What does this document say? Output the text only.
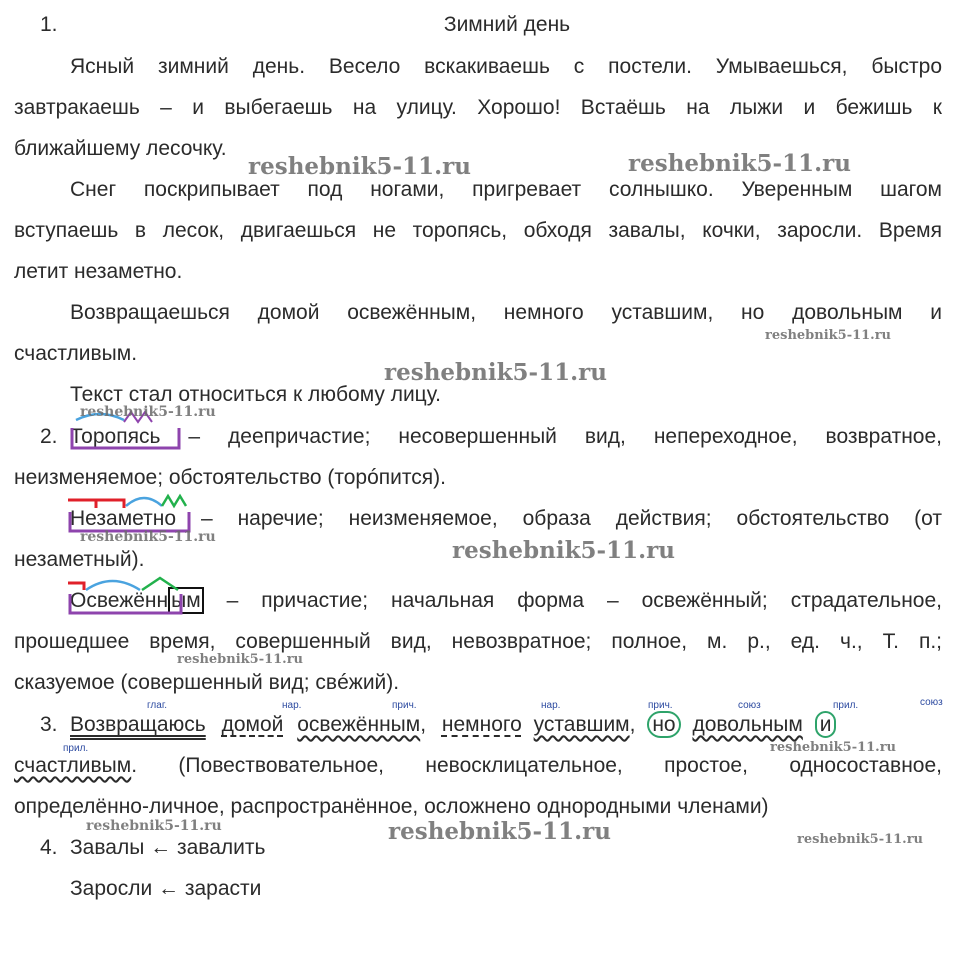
1.	Зимний день
Ясный зимний день. Весело вскакиваешь с постели. Умываешься, быстро
завтракаешь – и выбегаешь на улицу. Хорошо! Встаёшь на лыжи и бежишь к
ближайшему лесочку.
Снег поскрипывает под ногами, пригревает солнышко. Уверенным шагом
вступаешь в лесок, двигаешься не торопясь, обходя завалы, кочки, заросли. Время
летит незаметно.
Возвращаешься домой освежённым, немного уставшим, но довольным и
счастливым.
Текст стал относиться к любому лицу.
2. Торопясь – деепричастие; несовершенный вид, непереходное, возвратное,
неизменяемое; обстоятельство (торóпится).
Незаметно – наречие; неизменяемое, образа действия; обстоятельство (от
незаметный).
Освежённ ым – причастие; начальная форма – освежённый; страдательное,
прошедшее время, совершенный вид, невозвратное; полное, м. р., ед. ч., Т. п.;
сказуемое (совершенный вид; свéжий).
3. Возвращаюсь домой освежённым, немного уставшим, но довольным и
счастливым. (Повествовательное, невосклицательное, простое, односоставное,
определённо-личное, распространённое, осложнено однородными членами)
глаг.	нар.	прич.	нар.	прич.	союз	прил.	союз
прил.
4. Завалы ← завалить
Заросли ← зарасти
reshebnik5-11.ru	reshebnik5-11.ru
reshebnik5-11.ru
reshebnik5-11.ru
reshebnik5-11.ru
reshebnik5-11.ru	reshebnik5-11.ru
reshebnik5-11.ru
reshebnik5-11.ru
reshebnik5-11.ru	reshebnik5-11.ru	reshebnik5-11.ru
